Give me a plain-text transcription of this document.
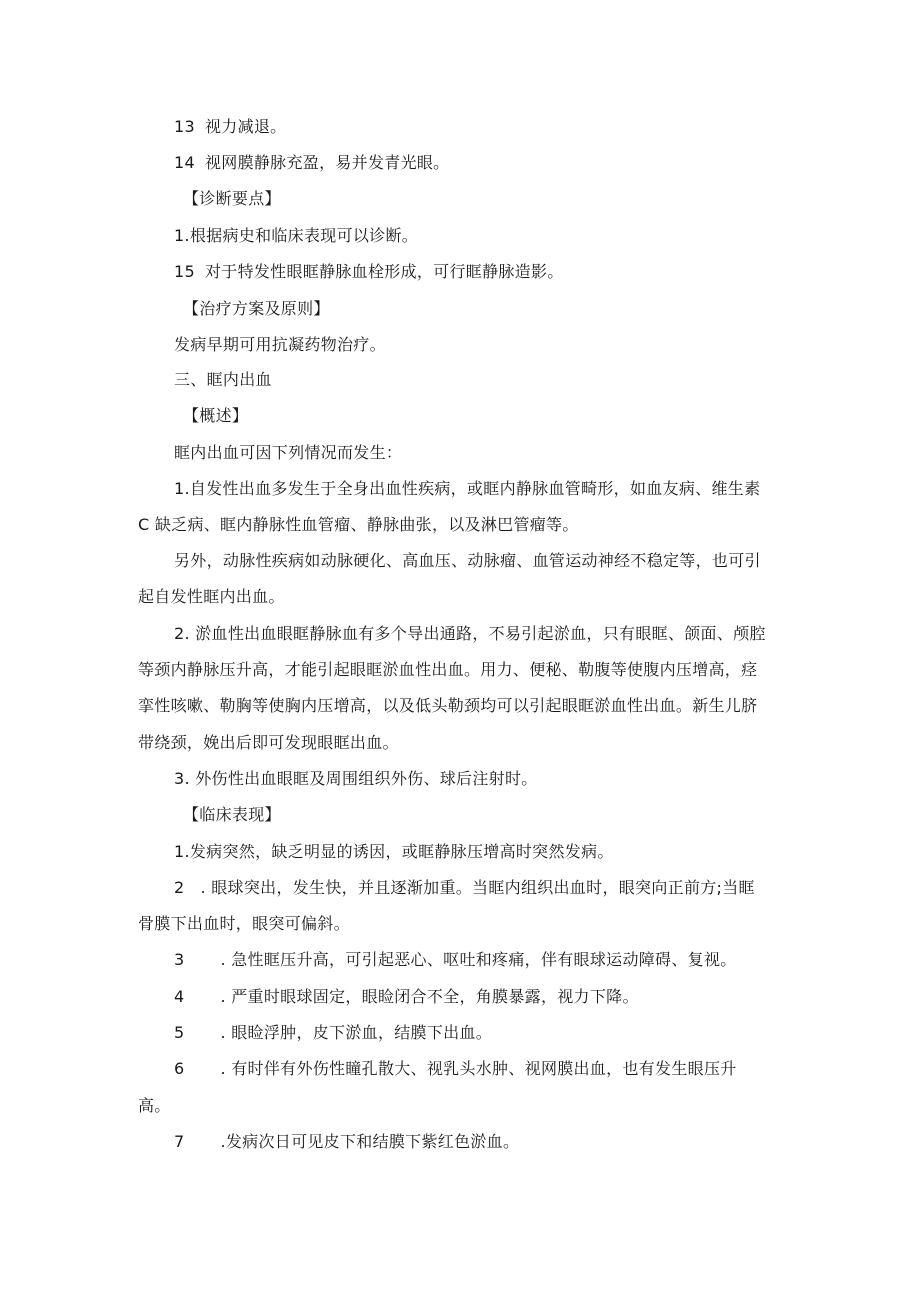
13 视力减退。
14 视网膜静脉充盈，易并发青光眼。
【诊断要点】
1.根据病史和临床表现可以诊断。
15 对于特发性眼眶静脉血栓形成，可行眶静脉造影。
【治疗方案及原则】
发病早期可用抗凝药物治疗。
三、眶内出血
【概述】
眶内出血可因下列情况而发生：
1.自发性出血多发生于全身出血性疾病，或眶内静脉血管畸形，如血友病、维生素
C 缺乏病、眶内静脉性血管瘤、静脉曲张，以及淋巴管瘤等。
另外，动脉性疾病如动脉硬化、高血压、动脉瘤、血管运动神经不稳定等，也可引
起自发性眶内出血。
2. 淤血性出血眼眶静脉血有多个导出通路，不易引起淤血，只有眼眶、颌面、颅腔
等颈内静脉压升高，才能引起眼眶淤血性出血。用力、便秘、勒腹等使腹内压增高，痉
挛性咳嗽、勒胸等使胸内压增高，以及低头勒颈均可以引起眼眶淤血性出血。新生儿脐
带绕颈，娩出后即可发现眼眶出血。
3. 外伤性出血眼眶及周围组织外伤、球后注射时。
【临床表现】
1.发病突然，缺乏明显的诱因，或眶静脉压增高时突然发病。
2 . 眼球突出，发生快，并且逐渐加重。当眶内组织出血时，眼突向正前方;当眶
骨膜下出血时，眼突可偏斜。
3 . 急性眶压升高，可引起恶心、呕吐和疼痛，伴有眼球运动障碍、复视。
4 . 严重时眼球固定，眼睑闭合不全，角膜暴露，视力下降。
5 . 眼睑浮肿，皮下淤血，结膜下出血。
6 . 有时伴有外伤性瞳孔散大、视乳头水肿、视网膜出血，也有发生眼压升
高。
7 .发病次日可见皮下和结膜下紫红色淤血。
